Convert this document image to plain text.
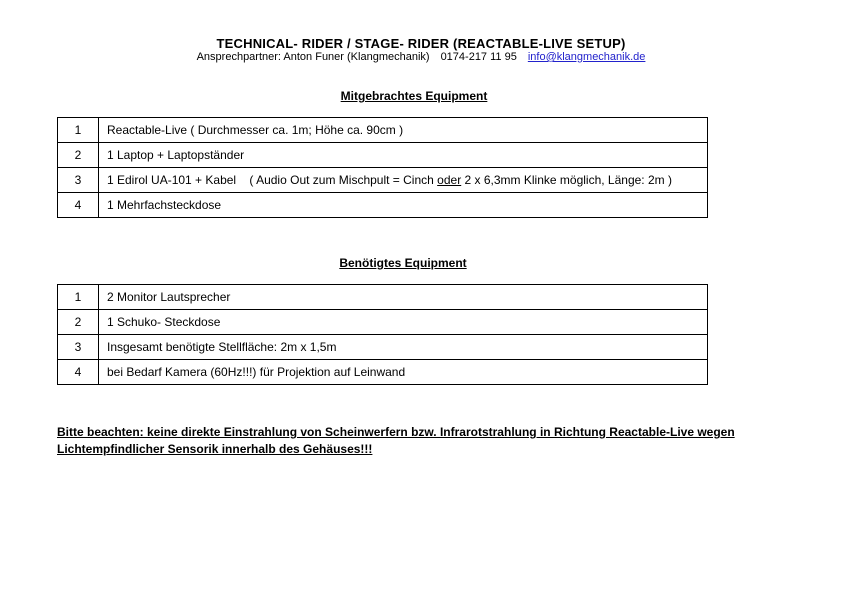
TECHNICAL- RIDER / STAGE- RIDER (REACTABLE-LIVE SETUP)
Ansprechpartner: Anton Funer (Klangmechanik) 0174-217 11 95 info@klangmechanik.de
Mitgebrachtes Equipment
1	Reactable-Live ( Durchmesser ca. 1m; Höhe ca. 90cm )
2	1 Laptop + Laptopständer
3	1 Edirol UA-101 + Kabel    ( Audio Out zum Mischpult = Cinch oder 2 x 6,3mm Klinke möglich, Länge: 2m )
4	1 Mehrfachsteckdose
Benötigtes Equipment
1	2 Monitor Lautsprecher
2	1 Schuko- Steckdose
3	Insgesamt benötigte Stellfläche: 2m x 1,5m
4	bei Bedarf Kamera (60Hz!!!) für Projektion auf Leinwand
Bitte beachten: keine direkte Einstrahlung von Scheinwerfern bzw. Infrarotstrahlung in Richtung Reactable-Live wegen
Lichtempfindlicher Sensorik innerhalb des Gehäuses!!!
